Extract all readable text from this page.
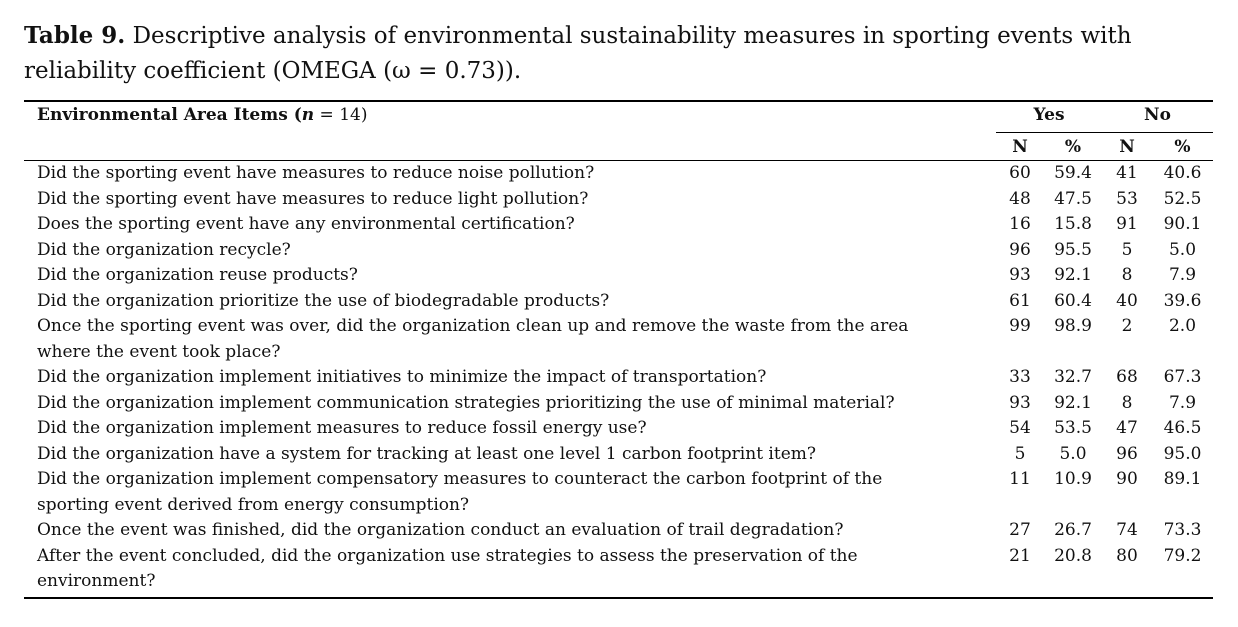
Table 9. Descriptive analysis of environmental sustainability measures in sporting events with reliability coefficient (OMEGA (ω = 0.73)).
Environmental Area Items (n = 14)	Yes		No	
	N	%	N	%
Did the sporting event have measures to reduce noise pollution?	60	59.4	41	40.6
Did the sporting event have measures to reduce light pollution?	48	47.5	53	52.5
Does the sporting event have any environmental certification?	16	15.8	91	90.1
Did the organization recycle?	96	95.5	5	5.0
Did the organization reuse products?	93	92.1	8	7.9
Did the organization prioritize the use of biodegradable products?	61	60.4	40	39.6
Once the sporting event was over, did the organization clean up and remove the waste from the area where the event took place?	99	98.9	2	2.0
Did the organization implement initiatives to minimize the impact of transportation?	33	32.7	68	67.3
Did the organization implement communication strategies prioritizing the use of minimal material?	93	92.1	8	7.9
Did the organization implement measures to reduce fossil energy use?	54	53.5	47	46.5
Did the organization have a system for tracking at least one level 1 carbon footprint item?	5	5.0	96	95.0
Did the organization implement compensatory measures to counteract the carbon footprint of the sporting event derived from energy consumption?	11	10.9	90	89.1
Once the event was finished, did the organization conduct an evaluation of trail degradation?	27	26.7	74	73.3
After the event concluded, did the organization use strategies to assess the preservation of the environment?	21	20.8	80	79.2
